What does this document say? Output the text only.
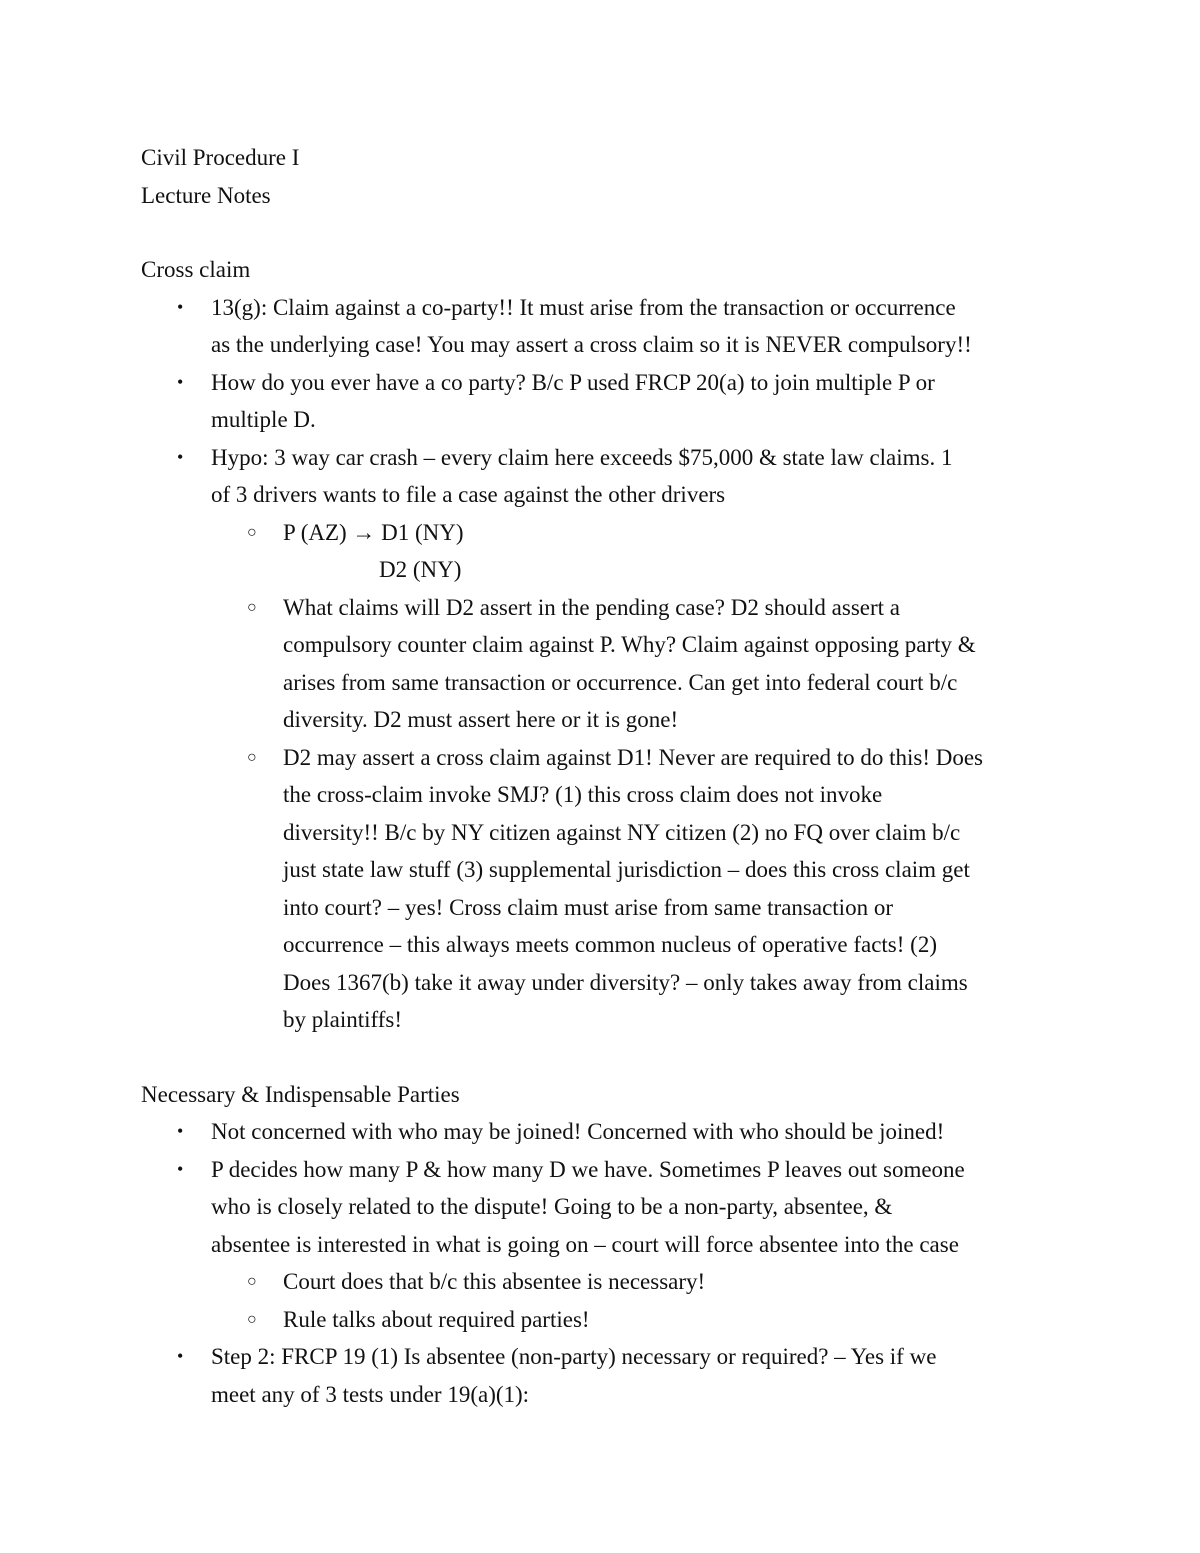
Civil Procedure I

Lecture Notes

Cross claim

• 13(g): Claim against a co-party!! It must arise from the transaction or occurrence
as the underlying case! You may assert a cross claim so it is NEVER compulsory!!
• How do you ever have a co party? B/c P used FRCP 20(a) to join multiple P or
multiple D.
• Hypo: 3 way car crash – every claim here exceeds $75,000 & state law claims. 1
of 3 drivers wants to file a case against the other drivers
○ P (AZ) → D1 (NY)
D2 (NY)
○ What claims will D2 assert in the pending case? D2 should assert a
compulsory counter claim against P. Why? Claim against opposing party &
arises from same transaction or occurrence. Can get into federal court b/c
diversity. D2 must assert here or it is gone!
○ D2 may assert a cross claim against D1! Never are required to do this! Does
the cross-claim invoke SMJ? (1) this cross claim does not invoke
diversity!! B/c by NY citizen against NY citizen (2) no FQ over claim b/c
just state law stuff (3) supplemental jurisdiction – does this cross claim get
into court? – yes! Cross claim must arise from same transaction or
occurrence – this always meets common nucleus of operative facts! (2)
Does 1367(b) take it away under diversity? – only takes away from claims
by plaintiffs!

Necessary & Indispensable Parties

• Not concerned with who may be joined! Concerned with who should be joined!
• P decides how many P & how many D we have. Sometimes P leaves out someone
who is closely related to the dispute! Going to be a non-party, absentee, &
absentee is interested in what is going on – court will force absentee into the case
○ Court does that b/c this absentee is necessary!
○ Rule talks about required parties!
• Step 2: FRCP 19 (1) Is absentee (non-party) necessary or required? – Yes if we
meet any of 3 tests under 19(a)(1):
